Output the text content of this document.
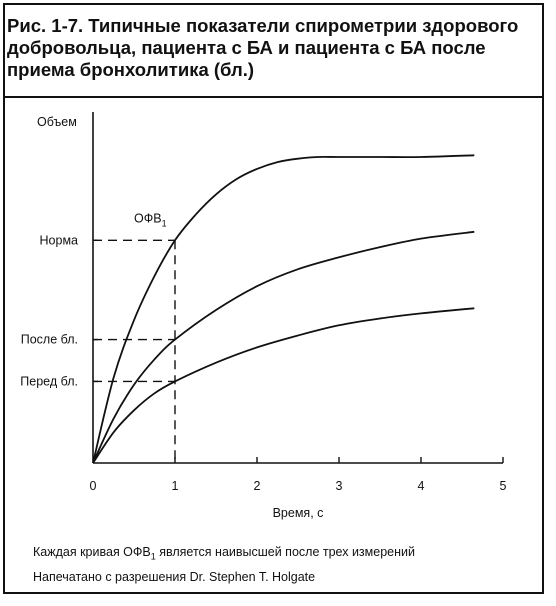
Рис. 1-7. Типичные показатели спирометрии здорового добровольца, пациента с БА и пациента с БА после приема бронхолитика (бл.)

0	1	2	3	4	5
Время, с
Объем
Норма
После бл.
Перед бл.
$ОФВ_1$
Каждая кривая $ОФВ_1$ является наивысшей после трех измерений
Напечатано с разрешения Dr. Stephen T. Holgate
